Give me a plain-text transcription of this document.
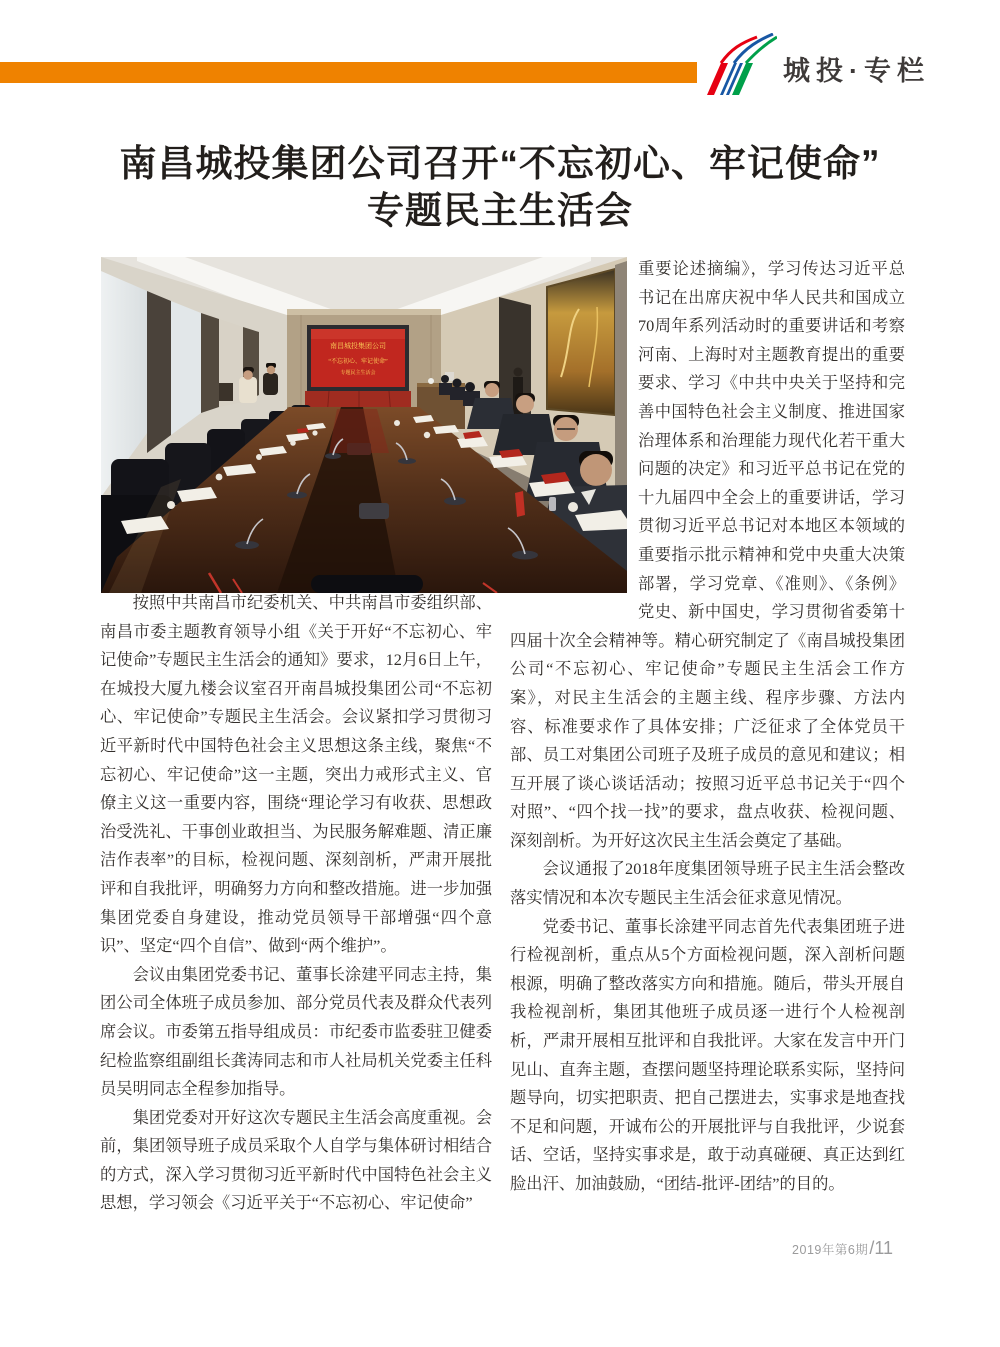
城投·专栏
南昌城投集团公司召开“不忘初心、牢记使命”
专题民主生活会
南昌城投集团公司
“不忘初心、牢记使命”
专题民主生活会

按照中共南昌市纪委机关、中共南昌市委组织部、南昌市委主题教育领导小组《关于开好“不忘初心、牢记使命”专题民主生活会的通知》要求，12月6日上午，在城投大厦九楼会议室召开南昌城投集团公司“不忘初心、牢记使命”专题民主生活会。会议紧扣学习贯彻习近平新时代中国特色社会主义思想这条主线，聚焦“不忘初心、牢记使命”这一主题，突出力戒形式主义、官僚主义这一重要内容，围绕“理论学习有收获、思想政治受洗礼、干事创业敢担当、为民服务解难题、清正廉洁作表率”的目标，检视问题、深刻剖析，严肃开展批评和自我批评，明确努力方向和整改措施。进一步加强集团党委自身建设，推动党员领导干部增强“四个意识”、坚定“四个自信”、做到“两个维护”。

会议由集团党委书记、董事长涂建平同志主持，集团公司全体班子成员参加、部分党员代表及群众代表列席会议。市委第五指导组成员：市纪委市监委驻卫健委纪检监察组副组长龚涛同志和市人社局机关党委主任科员吴明同志全程参加指导。

集团党委对开好这次专题民主生活会高度重视。会前，集团领导班子成员采取个人自学与集体研讨相结合的方式，深入学习贯彻习近平新时代中国特色社会主义思想，学习领会《习近平关于“不忘初心、牢记使命”

重要论述摘编》，学习传达习近平总书记在出席庆祝中华人民共和国成立70周年系列活动时的重要讲话和考察河南、上海时对主题教育提出的重要要求、学习《中共中央关于坚持和完善中国特色社会主义制度、推进国家治理体系和治理能力现代化若干重大问题的决定》和习近平总书记在党的十九届四中全会上的重要讲话，学习贯彻习近平总书记对本地区本领域的重要指示批示精神和党中央重大决策部署，学习党章、《准则》、《条例》党史、新中国史，学习贯彻省委第十四届十次全会精神等。精心研究制定了《南昌城投集团公司“不忘初心、牢记使命”专题民主生活会工作方案》，对民主生活会的主题主线、程序步骤、方法内容、标准要求作了具体安排；广泛征求了全体党员干部、员工对集团公司班子及班子成员的意见和建议；相互开展了谈心谈话活动；按照习近平总书记关于“四个对照”、“四个找一找”的要求，盘点收获、检视问题、深刻剖析。为开好这次民主生活会奠定了基础。

会议通报了2018年度集团领导班子民主生活会整改落实情况和本次专题民主生活会征求意见情况。

党委书记、董事长涂建平同志首先代表集团班子进行检视剖析，重点从5个方面检视问题，深入剖析问题根源，明确了整改落实方向和措施。随后，带头开展自我检视剖析，集团其他班子成员逐一进行个人检视剖析，严肃开展相互批评和自我批评。大家在发言中开门见山、直奔主题，查摆问题坚持理论联系实际，坚持问题导向，切实把职责、把自己摆进去，实事求是地查找不足和问题，开诚布公的开展批评与自我批评，少说套话、空话，坚持实事求是，敢于动真碰硬、真正达到红脸出汗、加油鼓励，“团结-批评-团结”的目的。

2019年第6期/11
